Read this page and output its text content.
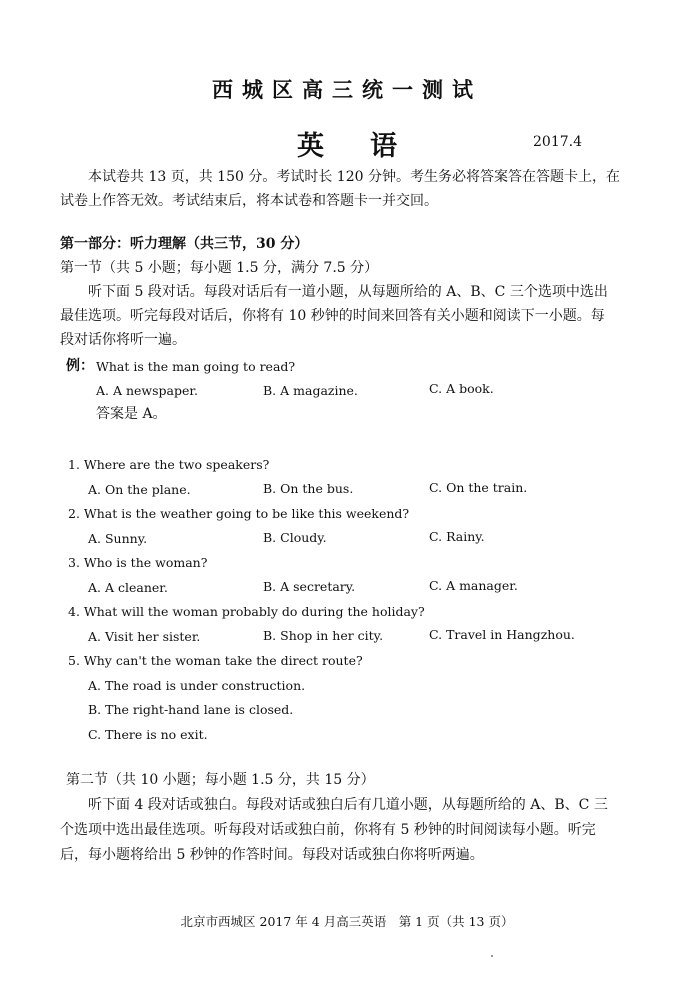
西城区高三统一测试
英语	2017.4
本试卷共 13 页，共 150 分。考试时长 120 分钟。考生务必将答案答在答题卡上，在
试卷上作答无效。考试结束后，将本试卷和答题卡一并交回。
第一部分：听力理解（共三节，30 分）
第一节（共 5 小题；每小题 1.5 分，满分 7.5 分）
听下面 5 段对话。每段对话后有一道小题，从每题所给的 A、B、C 三个选项中选出
最佳选项。听完每段对话后，你将有 10 秒钟的时间来回答有关小题和阅读下一小题。每
段对话你将听一遍。
例： What is the man going to read?
A. A newspaper.	B. A magazine.	C. A book.
答案是 A。
1. Where are the two speakers?
A. On the plane.	B. On the bus.	C. On the train.
2. What is the weather going to be like this weekend?
A. Sunny.	B. Cloudy.	C. Rainy.
3. Who is the woman?
A. A cleaner.	B. A secretary.	C. A manager.
4. What will the woman probably do during the holiday?
A. Visit her sister.	B. Shop in her city.	C. Travel in Hangzhou.
5. Why can't the woman take the direct route?
A. The road is under construction.
B. The right-hand lane is closed.
C. There is no exit.
第二节（共 10 小题；每小题 1.5 分，共 15 分）
听下面 4 段对话或独白。每段对话或独白后有几道小题，从每题所给的 A、B、C 三
个选项中选出最佳选项。听每段对话或独白前，你将有 5 秒钟的时间阅读每小题。听完
后，每小题将给出 5 秒钟的作答时间。每段对话或独白你将听两遍。
北京市西城区 2017 年 4 月高三英语　第 1 页（共 13 页）
